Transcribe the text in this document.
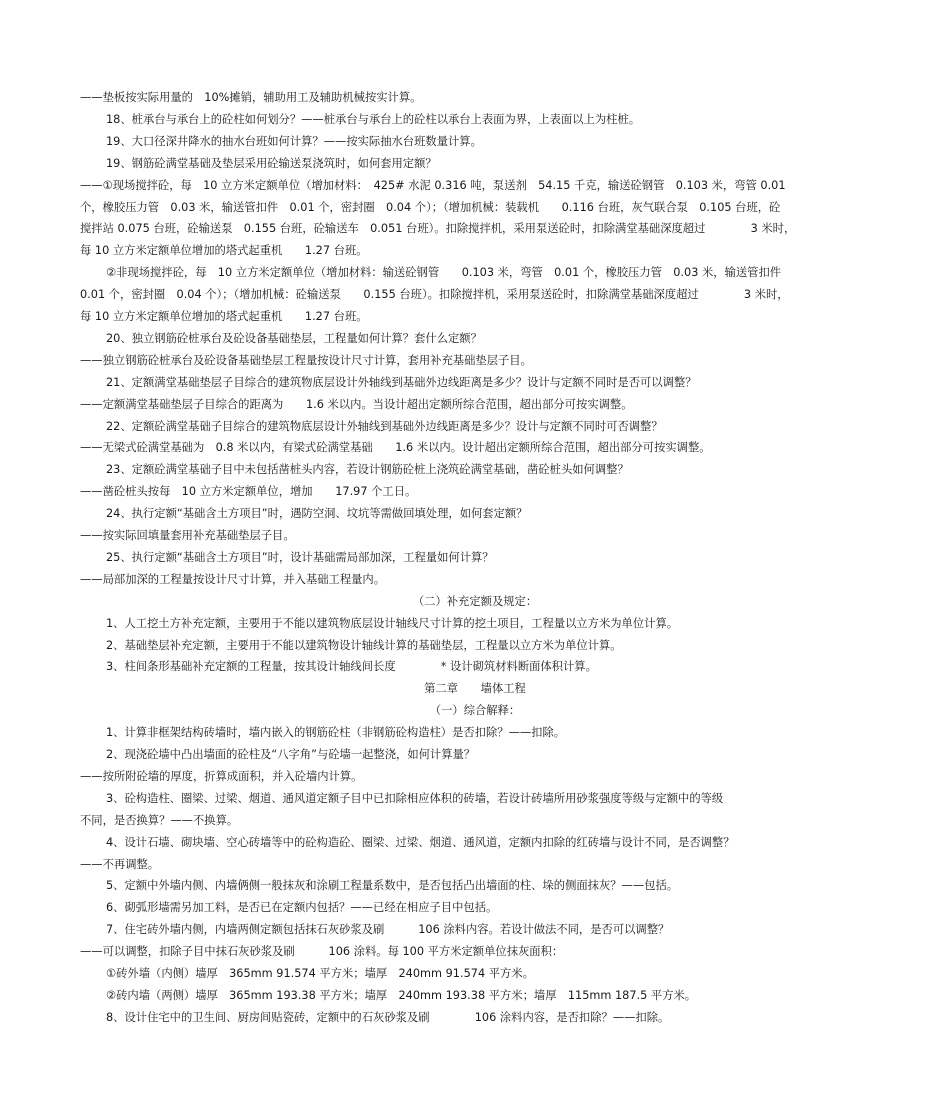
——垫板按实际用量的　10%摊销，辅助用工及辅助机械按实计算。
18、桩承台与承台上的砼柱如何划分？——桩承台与承台上的砼柱以承台上表面为界，上表面以上为柱桩。
19、大口径深井降水的抽水台班如何计算？——按实际抽水台班数量计算。
19、钢筋砼满堂基础及垫层采用砼输送泵浇筑时，如何套用定额？
——①现场搅拌砼，每　10 立方米定额单位（增加材料：　425# 水泥 0.316 吨，泵送剂　54.15 千克，输送砼钢管　0.103 米，弯管 0.01
个，橡胶压力管　0.03 米，输送管扣件　0.01 个，密封圈　0.04 个）；（增加机械：装载机　　0.116 台班，灰气联合泵　0.105 台班，砼
搅拌站 0.075 台班，砼输送泵　0.155 台班，砼输送车　0.051 台班）。扣除搅拌机，采用泵送砼时，扣除满堂基础深度超过　　　　3 米时，
每 10 立方米定额单位增加的塔式起重机　　1.27 台班。
②非现场搅拌砼，每　10 立方米定额单位（增加材料：输送砼钢管　　0.103 米，弯管　0.01 个，橡胶压力管　0.03 米，输送管扣件
0.01 个，密封圈　0.04 个）；（增加机械：砼输送泵　　0.155 台班）。扣除搅拌机，采用泵送砼时，扣除满堂基础深度超过　　　　3 米时，
每 10 立方米定额单位增加的塔式起重机　　1.27 台班。
20、独立钢筋砼桩承台及砼设备基础垫层，工程量如何计算？套什么定额？
——独立钢筋砼桩承台及砼设备基础垫层工程量按设计尺寸计算，套用补充基础垫层子目。
21、定额满堂基础垫层子目综合的建筑物底层设计外轴线到基础外边线距离是多少？设计与定额不同时是否可以调整？
——定额满堂基础垫层子目综合的距离为　　1.6 米以内。当设计超出定额所综合范围，超出部分可按实调整。
22、定额砼满堂基础子目综合的建筑物底层设计外轴线到基础外边线距离是多少？设计与定额不同时可否调整？
——无梁式砼满堂基础为　0.8 米以内，有梁式砼满堂基础　　1.6 米以内。设计超出定额所综合范围，超出部分可按实调整。
23、定额砼满堂基础子目中未包括凿桩头内容，若设计钢筋砼桩上浇筑砼满堂基础，凿砼桩头如何调整？
——凿砼桩头按每　10 立方米定额单位，增加　　17.97 个工日。
24、执行定额“基础含土方项目”时，遇防空洞、坟坑等需做回填处理，如何套定额？
——按实际回填量套用补充基础垫层子目。
25、执行定额“基础含土方项目”时，设计基础需局部加深，工程量如何计算？
——局部加深的工程量按设计尺寸计算，并入基础工程量内。
（二）补充定额及规定：
1、人工挖土方补充定额，主要用于不能以建筑物底层设计轴线尺寸计算的挖土项目，工程量以立方米为单位计算。
2、基础垫层补充定额，主要用于不能以建筑物设计轴线计算的基础垫层，工程量以立方米为单位计算。
3、柱间条形基础补充定额的工程量，按其设计轴线间长度　　　　* 设计砌筑材料断面体积计算。
第二章　　墙体工程
（一）综合解释：
1、计算非框架结构砖墙时，墙内嵌入的钢筋砼柱（非钢筋砼构造柱）是否扣除？——扣除。
2、现浇砼墙中凸出墙面的砼柱及“八字角”与砼墙一起整浇，如何计算量？
——按所附砼墙的厚度，折算成面积，并入砼墙内计算。
3、砼构造柱、圈梁、过梁、烟道、通风道定额子目中已扣除相应体积的砖墙，若设计砖墙所用砂浆强度等级与定额中的等级
不同，是否换算？——不换算。
4、设计石墙、砌块墙、空心砖墙等中的砼构造砼、圈梁、过梁、烟道、通风道，定额内扣除的红砖墙与设计不同，是否调整？
——不再调整。
5、定额中外墙内侧、内墙俩侧一般抹灰和涂刷工程量系数中，是否包括凸出墙面的柱、垛的侧面抹灰？——包括。
6、砌弧形墙需另加工料，是否已在定额内包括？——已经在相应子目中包括。
7、住宅砖外墙内侧，内墙两侧定额包括抹石灰砂浆及刷　　　106 涂料内容。若设计做法不同，是否可以调整？
——可以调整，扣除子目中抹石灰砂浆及刷　　　106 涂料。每 100 平方米定额单位抹灰面积：
①砖外墙（内侧）墙厚　365mm 91.574 平方米；墙厚　240mm 91.574 平方米。
②砖内墙（两侧）墙厚　365mm 193.38 平方米；墙厚　240mm 193.38 平方米；墙厚　115mm 187.5 平方米。
8、设计住宅中的卫生间、厨房间贴瓷砖，定额中的石灰砂浆及刷　　　　106 涂料内容，是否扣除？——扣除。
